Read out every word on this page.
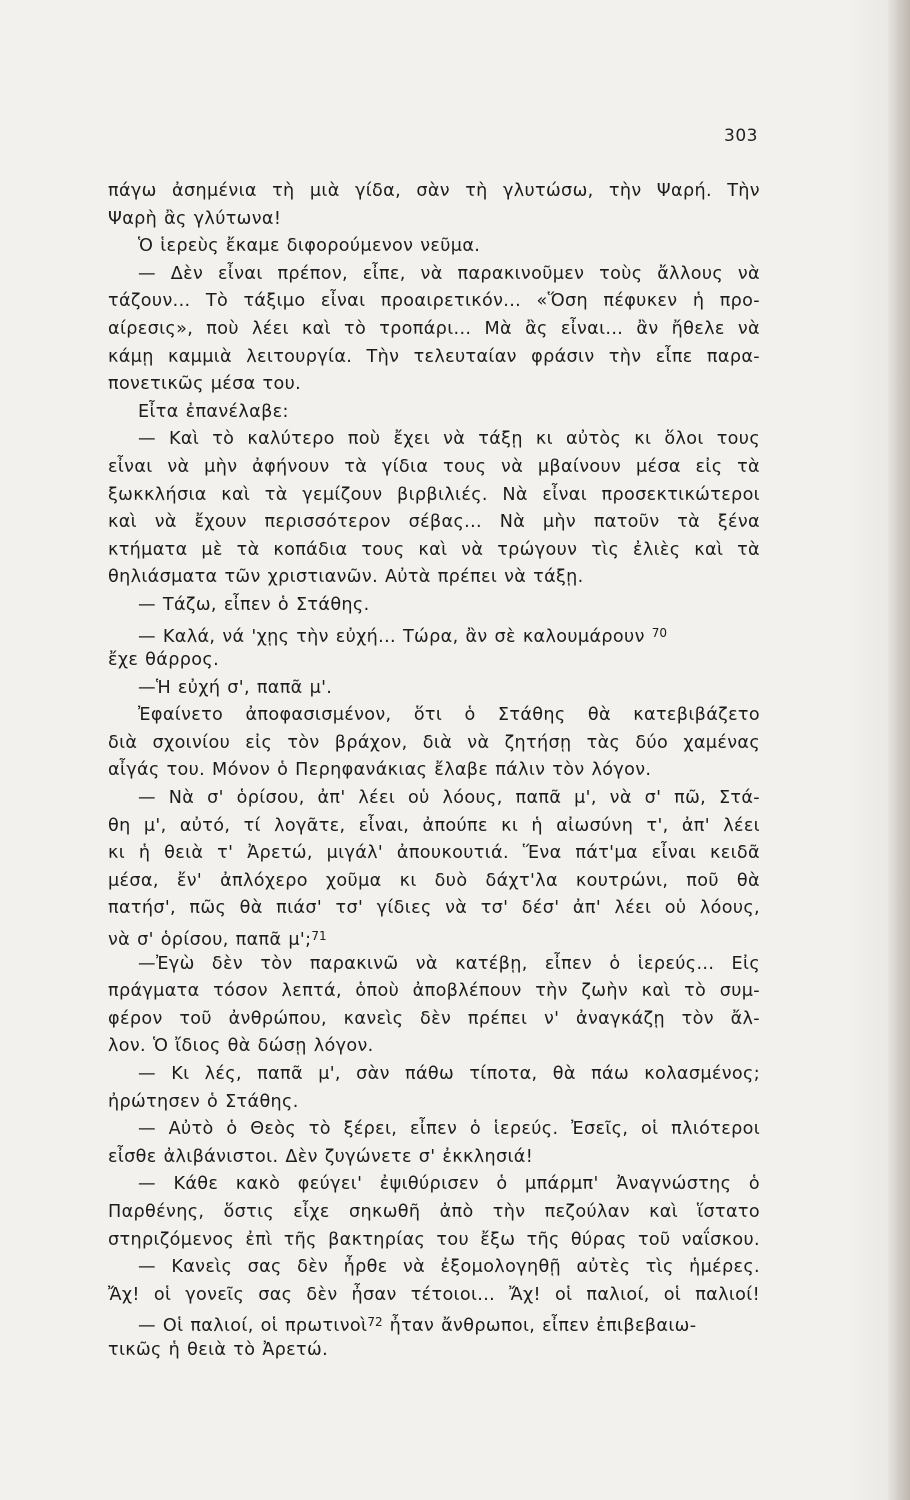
303
πάγω ἀσημένια τὴ μιὰ γίδα, σὰν τὴ γλυτώσω, τὴν Ψαρή. Τὴν
Ψαρὴ ἂς γλύτωνα!
Ὁ ἱερεὺς ἔκαμε διφορούμενον νεῦμα.
— Δὲν εἶναι πρέπον, εἶπε, νὰ παρακινοῦμεν τοὺς ἄλλους νὰ
τάζουν... Τὸ τάξιμο εἶναι προαιρετικόν... «Ὅση πέφυκεν ἡ προ-
αίρεσις», ποὺ λέει καὶ τὸ τροπάρι... Μὰ ἂς εἶναι... ἂν ἤθελε νὰ
κάμῃ καμμιὰ λειτουργία. Τὴν τελευταίαν φράσιν τὴν εἶπε παρα-
πονετικῶς μέσα του.
Εἶτα ἐπανέλαβε:
— Καὶ τὸ καλύτερο ποὺ ἔχει νὰ τάξῃ κι αὐτὸς κι ὅλοι τους
εἶναι νὰ μὴν ἀφήνουν τὰ γίδια τους νὰ μβαίνουν μέσα εἰς τὰ
ξωκκλήσια καὶ τὰ γεμίζουν βιρβιλιές. Νὰ εἶναι προσεκτικώτεροι
καὶ νὰ ἔχουν περισσότερον σέβας... Νὰ μὴν πατοῦν τὰ ξένα
κτήματα μὲ τὰ κοπάδια τους καὶ νὰ τρώγουν τὶς ἐλιὲς καὶ τὰ
θηλιάσματα τῶν χριστιανῶν. Αὐτὰ πρέπει νὰ τάξῃ.
— Τάζω, εἶπεν ὁ Στάθης.
— Καλά, νά 'χῃς τὴν εὐχή... Τώρα, ἂν σὲ καλουμάρουν $^{70}$
ἔχε θάρρος.
—Ἡ εὐχή σ', παπᾶ μ'.
Ἐφαίνετο ἀποφασισμένον, ὅτι ὁ Στάθης θὰ κατεβιβάζετο
διὰ σχοινίου εἰς τὸν βράχον, διὰ νὰ ζητήσῃ τὰς δύο χαμένας
αἶγάς του. Μόνον ὁ Περηφανάκιας ἔλαβε πάλιν τὸν λόγον.
— Νὰ σ' ὁρίσου, ἀπ' λέει οὑ λόους, παπᾶ μ', νὰ σ' πῶ, Στά-
θη μ', αὐτό, τί λογᾶτε, εἶναι, ἀπούπε κι ἡ αἰωσύνη τ', ἀπ' λέει
κι ἡ θειὰ τ' Ἀρετώ, μιγάλ' ἀπουκουτιά. Ἕνα πάτ'μα εἶναι κειδᾶ
μέσα, ἔν' ἀπλόχερο χοῦμα κι δυὸ δάχτ'λα κουτρώνι, ποῦ θὰ
πατήσ', πῶς θὰ πιάσ' τσ' γίδιες νὰ τσ' δέσ' ἀπ' λέει οὑ λόους,
νὰ σ' ὁρίσου, παπᾶ μ';$^{71}$
—Ἐγὼ δὲν τὸν παρακινῶ νὰ κατέβῃ, εἶπεν ὁ ἱερεύς... Εἰς
πράγματα τόσον λεπτά, ὁποὺ ἀποβλέπουν τὴν ζωὴν καὶ τὸ συμ-
φέρον τοῦ ἀνθρώπου, κανεὶς δὲν πρέπει ν' ἀναγκάζῃ τὸν ἄλ-
λον. Ὁ ἴδιος θὰ δώσῃ λόγον.
— Κι λές, παπᾶ μ', σὰν πάθω τίποτα, θὰ πάω κολασμένος;
ἠρώτησεν ὁ Στάθης.
— Αὐτὸ ὁ Θεὸς τὸ ξέρει, εἶπεν ὁ ἱερεύς. Ἐσεῖς, οἱ πλιότεροι
εἶσθε ἀλιβάνιστοι. Δὲν ζυγώνετε σ' ἐκκλησιά!
— Κάθε κακὸ φεύγει' ἐψιθύρισεν ὁ μπάρμπ' Ἀναγνώστης ὁ
Παρθένης, ὅστις εἶχε σηκωθῆ ἀπὸ τὴν πεζούλαν καὶ ἵστατο
στηριζόμενος ἐπὶ τῆς βακτηρίας του ἔξω τῆς θύρας τοῦ ναΐσκου.
— Κανεὶς σας δὲν ἦρθε νὰ ἐξομολογηθῇ αὐτὲς τὶς ἡμέρες.
Ἄχ! οἱ γονεῖς σας δὲν ἦσαν τέτοιοι... Ἄχ! οἱ παλιοί, οἱ παλιοί!
— Οἱ παλιοί, οἱ πρωτινοὶ$^{72}$ ἦταν ἄνθρωποι, εἶπεν ἐπιβεβαιω-
τικῶς ἡ θειὰ τὸ Ἀρετώ.
